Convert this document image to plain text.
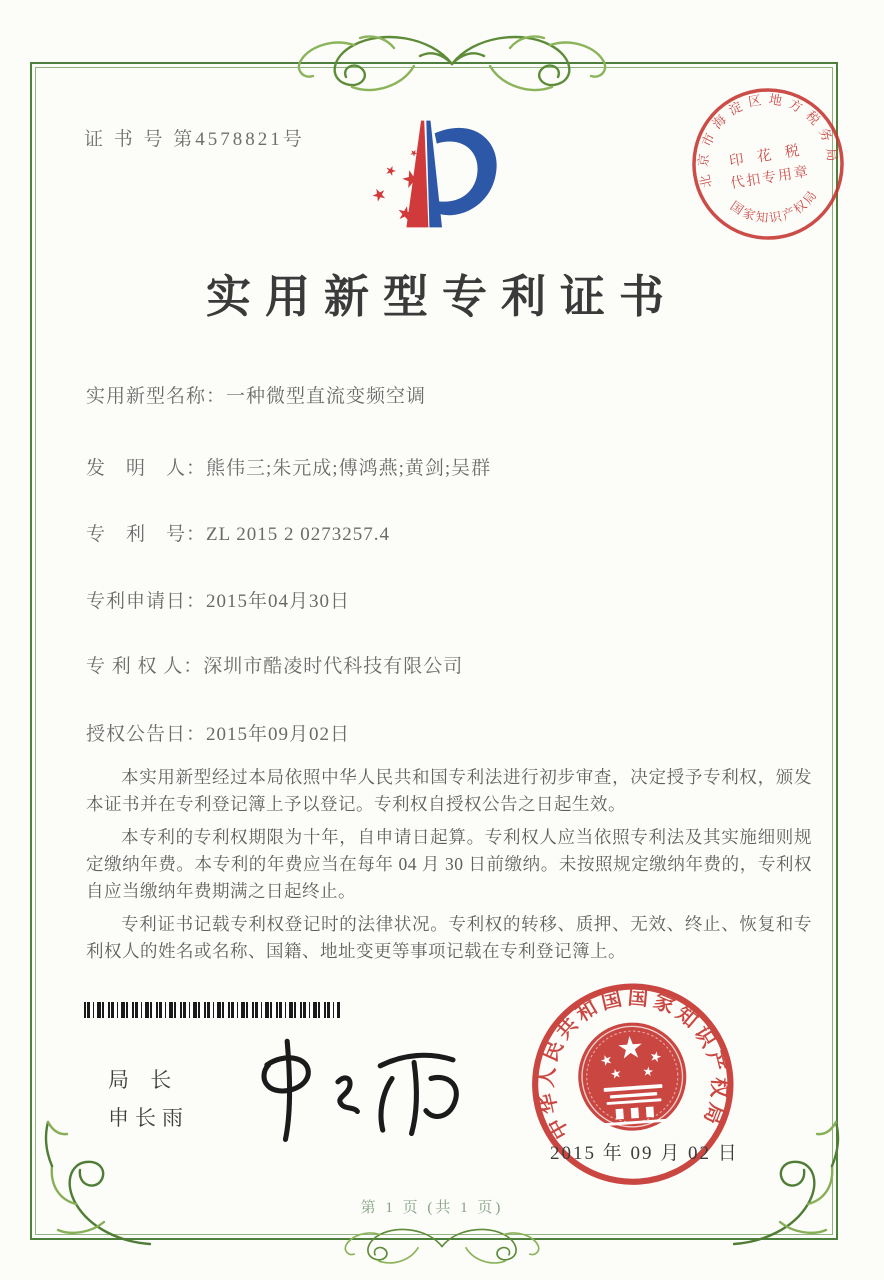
证 书 号 第4578821号
北京市海淀区地方税务局
国家知识产权局
印 花 税
代扣专用章
实用新型专利证书
实用新型名称：一种微型直流变频空调
发　明　人：熊伟三;朱元成;傅鸿燕;黄剑;吴群
专　利　号：ZL 2015 2 0273257.4
专利申请日：2015年04月30日
专 利 权 人：深圳市酷凌时代科技有限公司
授权公告日：2015年09月02日

本实用新型经过本局依照中华人民共和国专利法进行初步审查，决定授予专利权，颁发本证书并在专利登记簿上予以登记。专利权自授权公告之日起生效。

本专利的专利权期限为十年，自申请日起算。专利权人应当依照专利法及其实施细则规定缴纳年费。本专利的年费应当在每年 04 月 30 日前缴纳。未按照规定缴纳年费的，专利权自应当缴纳年费期满之日起终止。

专利证书记载专利权登记时的法律状况。专利权的转移、质押、无效、终止、恢复和专利权人的姓名或名称、国籍、地址变更等事项记载在专利登记簿上。

局 长
申长雨	中华人民共和国国家知识产权局
2015 年 09 月 02 日
第 1 页 (共 1 页)
